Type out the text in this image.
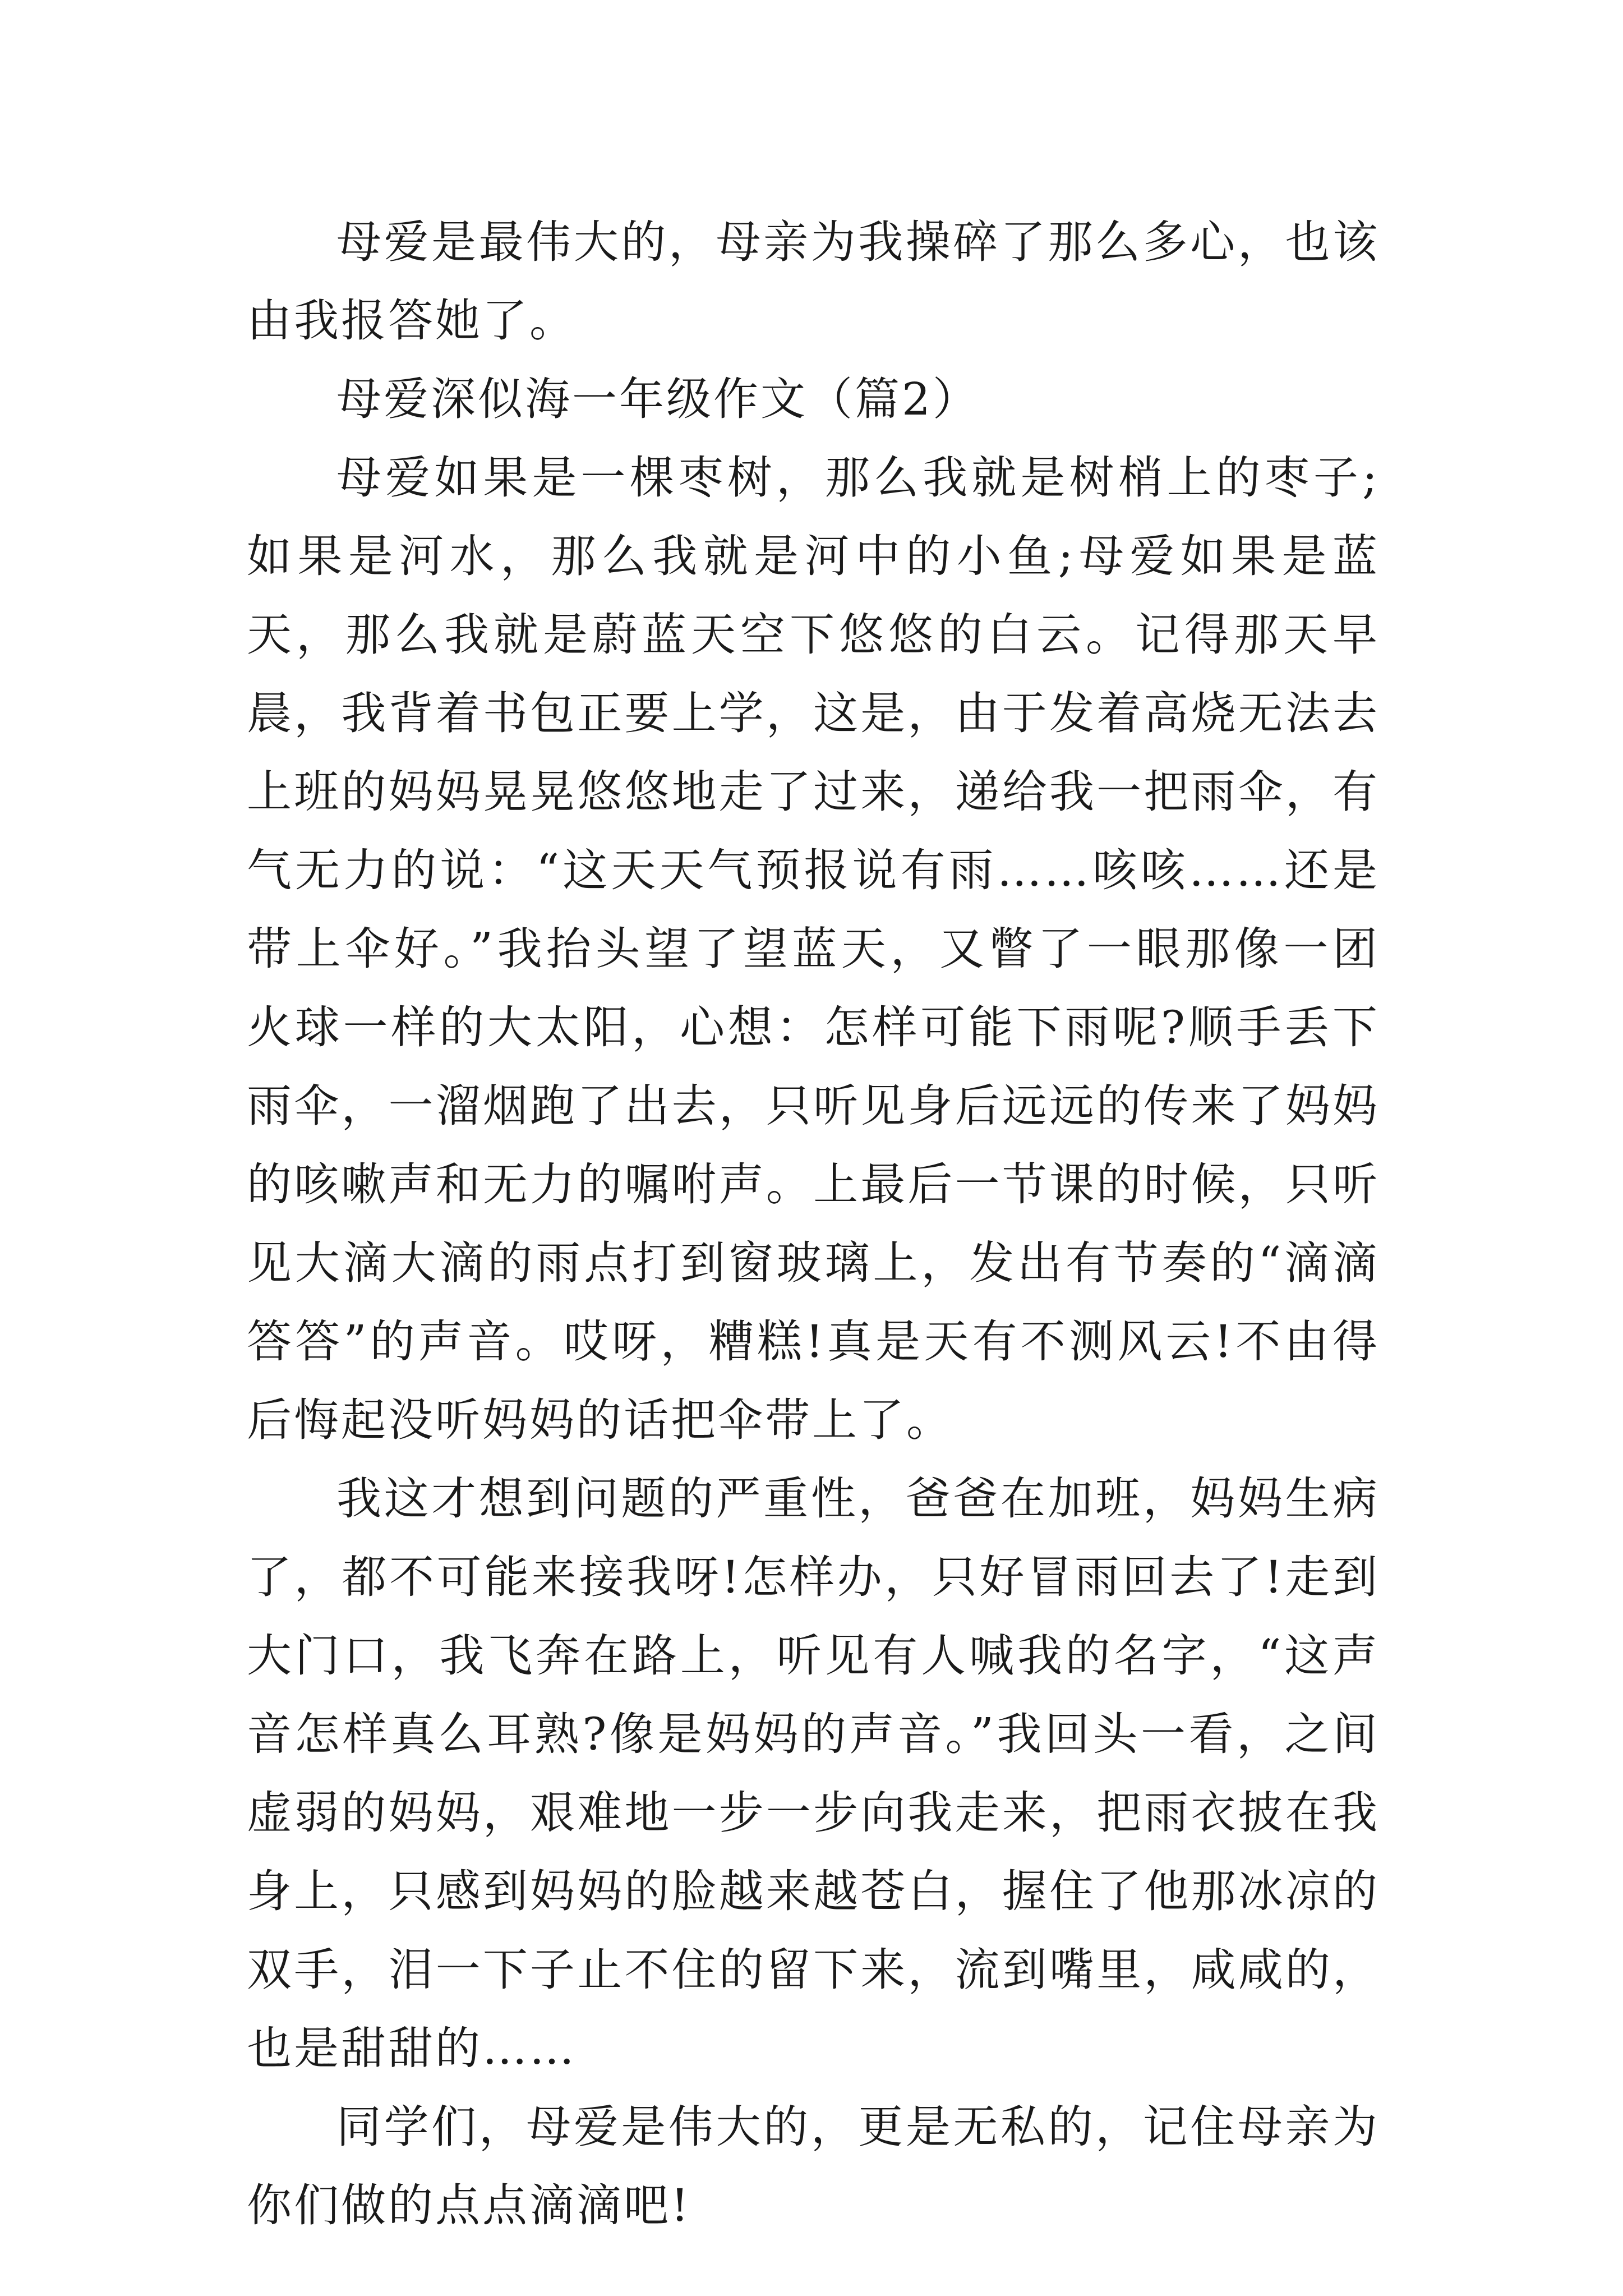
母爱是最伟大的，母亲为我操碎了那么多心，也该由我报答她了。

母爱深似海一年级作文（篇2）

母爱如果是一棵枣树，那么我就是树梢上的枣子;如果是河水，那么我就是河中的小鱼;母爱如果是蓝天，那么我就是蔚蓝天空下悠悠的白云。记得那天早晨，我背着书包正要上学，这是，由于发着高烧无法去上班的妈妈晃晃悠悠地走了过来，递给我一把雨伞，有气无力的说：“这天天气预报说有雨……咳咳……还是带上伞好。”我抬头望了望蓝天，又瞥了一眼那像一团火球一样的大太阳，心想：怎样可能下雨呢?顺手丢下雨伞，一溜烟跑了出去，只听见身后远远的传来了妈妈的咳嗽声和无力的嘱咐声。上最后一节课的时候，只听见大滴大滴的雨点打到窗玻璃上，发出有节奏的“滴滴答答”的声音。哎呀，糟糕!真是天有不测风云!不由得后悔起没听妈妈的话把伞带上了。

我这才想到问题的严重性，爸爸在加班，妈妈生病了，都不可能来接我呀!怎样办，只好冒雨回去了!走到大门口，我飞奔在路上，听见有人喊我的名字，“这声音怎样真么耳熟?像是妈妈的声音。”我回头一看，之间虚弱的妈妈，艰难地一步一步向我走来，把雨衣披在我身上，只感到妈妈的脸越来越苍白，握住了他那冰凉的双手，泪一下子止不住的留下来，流到嘴里，咸咸的，也是甜甜的……

同学们，母爱是伟大的，更是无私的，记住母亲为你们做的点点滴滴吧!
